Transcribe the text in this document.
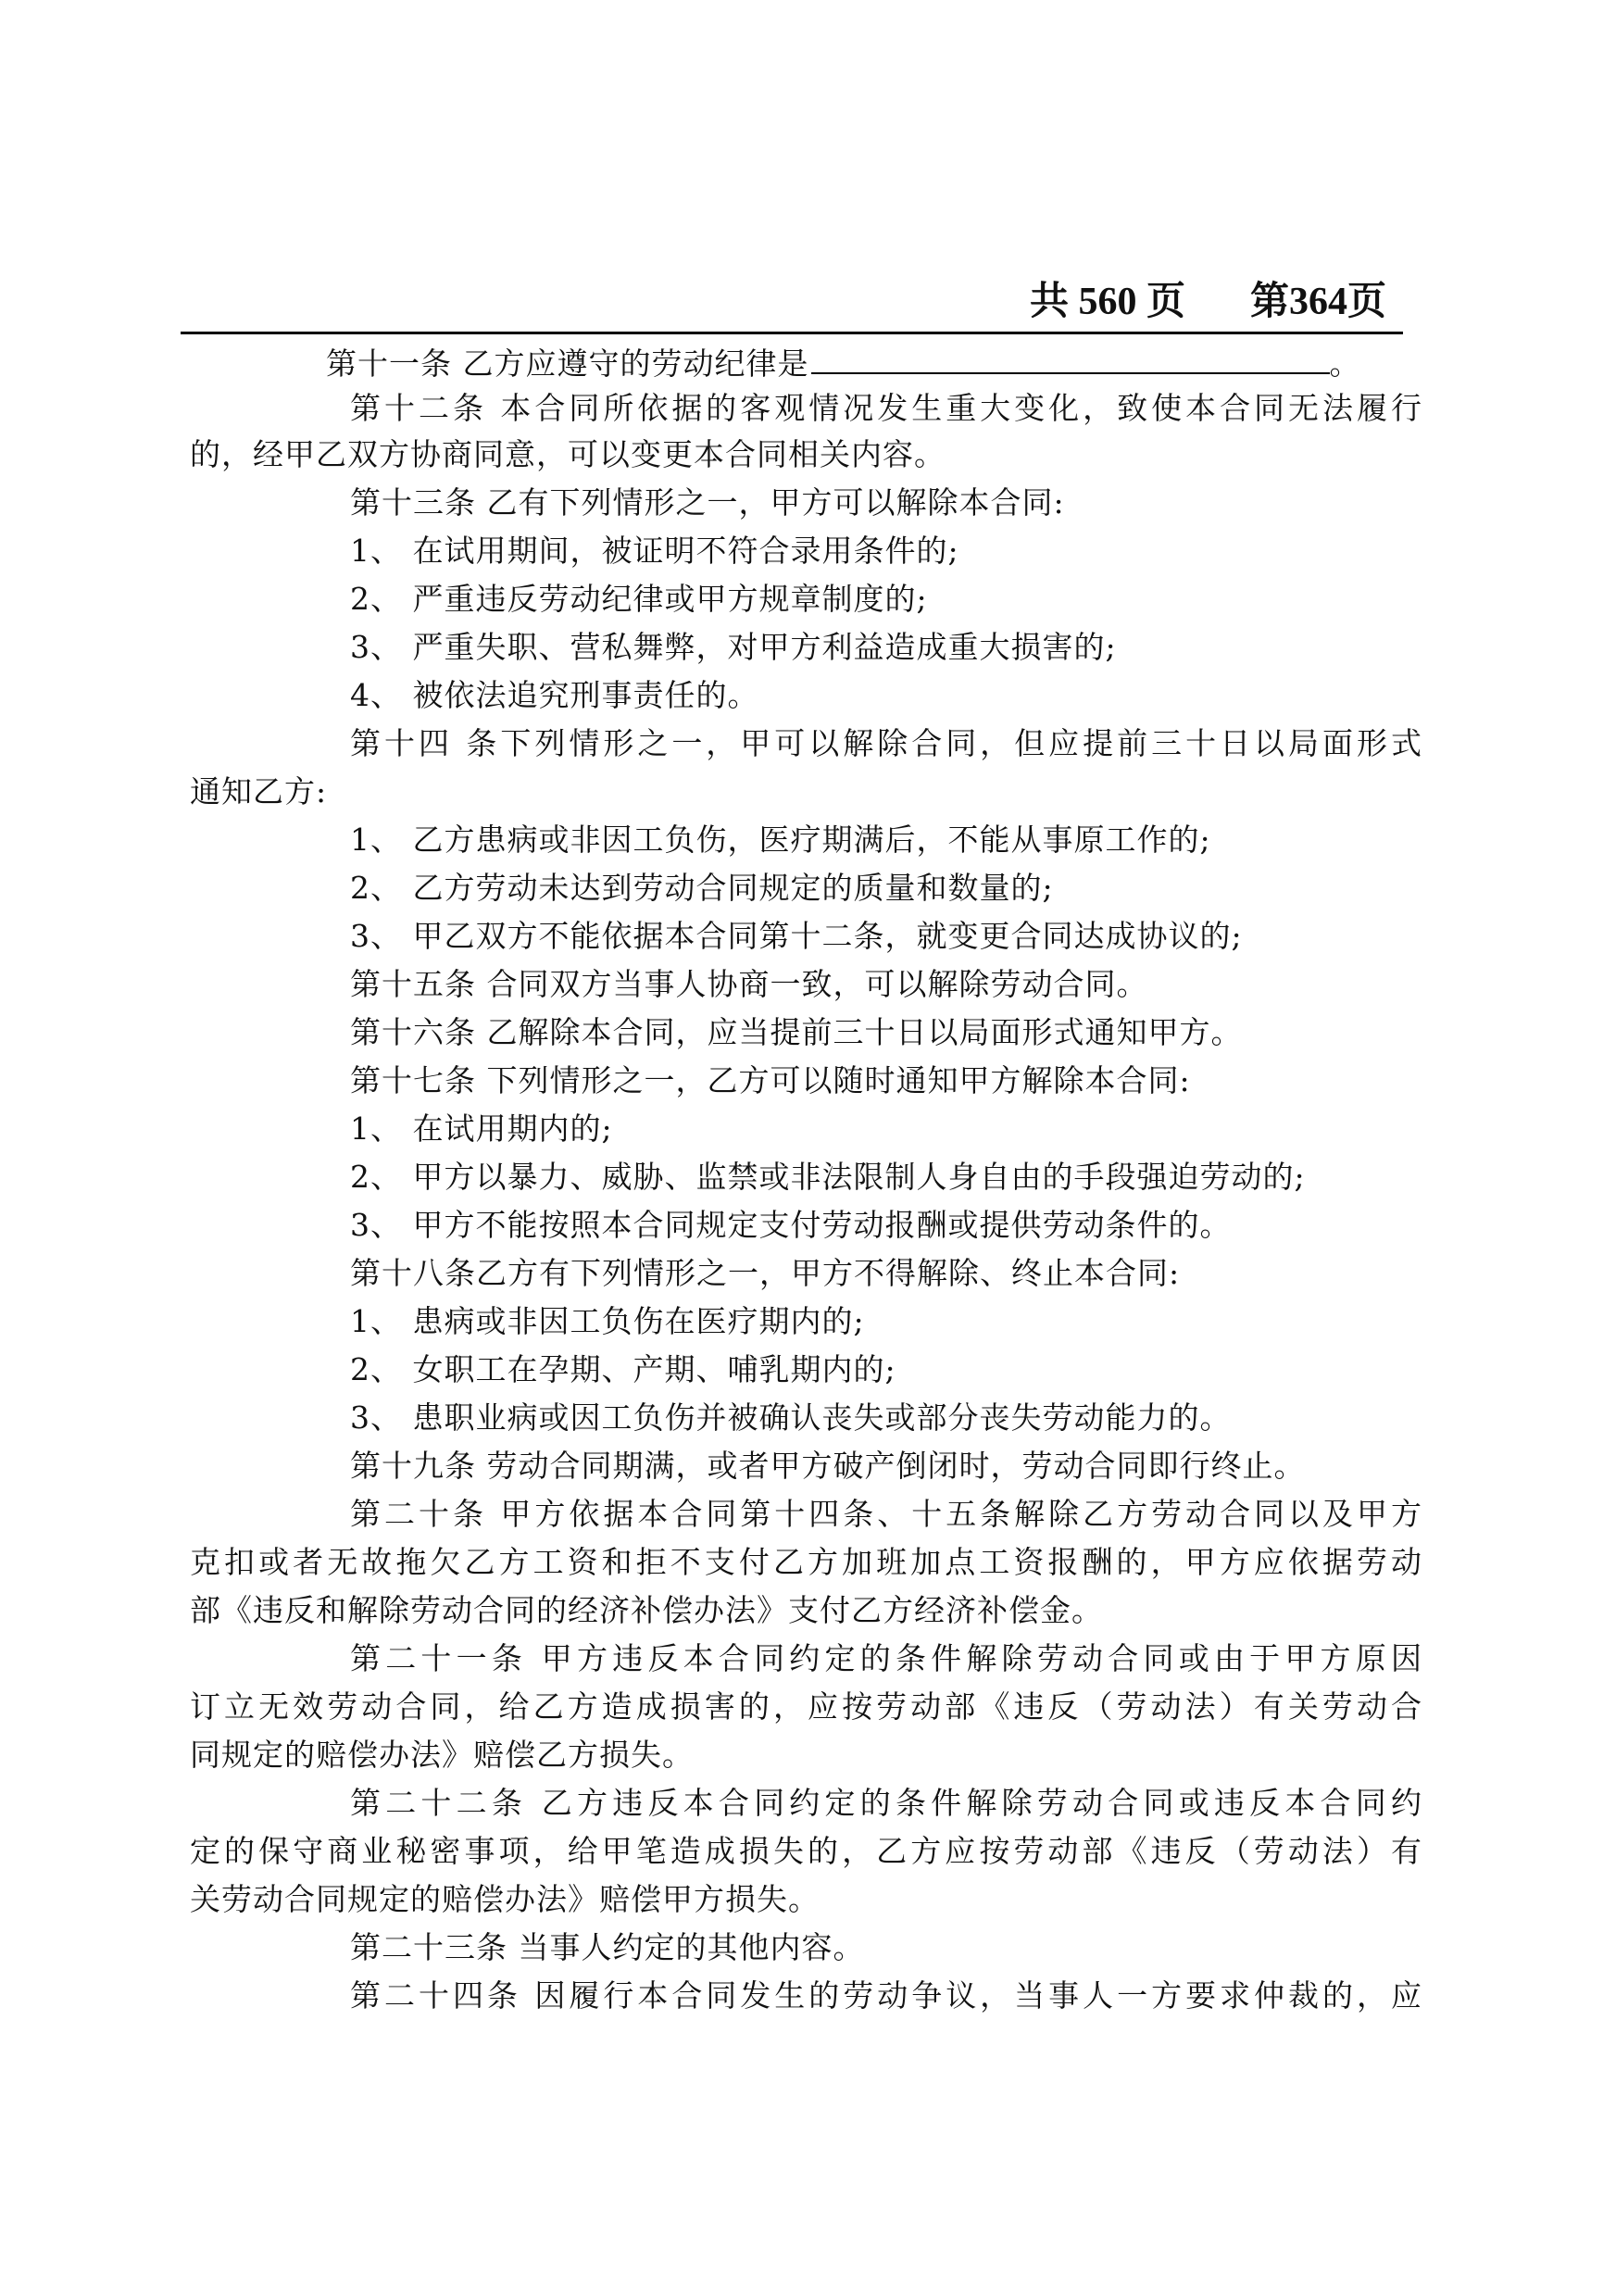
共 560 页 第364页
第十一条 乙方应遵守的劳动纪律是	。
第十二条 本合同所依据的客观情况发生重大变化，致使本合同无法履行
的，经甲乙双方协商同意，可以变更本合同相关内容。
第十三条 乙有下列情形之一，甲方可以解除本合同:
1、 在试用期间，被证明不符合录用条件的;
2、 严重违反劳动纪律或甲方规章制度的;
3、 严重失职、营私舞弊，对甲方利益造成重大损害的;
4、 被依法追究刑事责任的。
第十四 条下列情形之一，甲可以解除合同，但应提前三十日以局面形式
通知乙方:
1、 乙方患病或非因工负伤，医疗期满后，不能从事原工作的;
2、 乙方劳动未达到劳动合同规定的质量和数量的;
3、 甲乙双方不能依据本合同第十二条，就变更合同达成协议的;
第十五条 合同双方当事人协商一致，可以解除劳动合同。
第十六条 乙解除本合同，应当提前三十日以局面形式通知甲方。
第十七条 下列情形之一，乙方可以随时通知甲方解除本合同:
1、 在试用期内的;
2、 甲方以暴力、威胁、监禁或非法限制人身自由的手段强迫劳动的;
3、 甲方不能按照本合同规定支付劳动报酬或提供劳动条件的。
第十八条乙方有下列情形之一，甲方不得解除、终止本合同:
1、 患病或非因工负伤在医疗期内的;
2、 女职工在孕期、产期、哺乳期内的;
3、 患职业病或因工负伤并被确认丧失或部分丧失劳动能力的。
第十九条 劳动合同期满，或者甲方破产倒闭时，劳动合同即行终止。
第二十条 甲方依据本合同第十四条、十五条解除乙方劳动合同以及甲方
克扣或者无故拖欠乙方工资和拒不支付乙方加班加点工资报酬的，甲方应依据劳动
部《违反和解除劳动合同的经济补偿办法》支付乙方经济补偿金。
第二十一条 甲方违反本合同约定的条件解除劳动合同或由于甲方原因
订立无效劳动合同，给乙方造成损害的，应按劳动部《违反（劳动法）有关劳动合
同规定的赔偿办法》赔偿乙方损失。
第二十二条 乙方违反本合同约定的条件解除劳动合同或违反本合同约
定的保守商业秘密事项，给甲笔造成损失的，乙方应按劳动部《违反（劳动法）有
关劳动合同规定的赔偿办法》赔偿甲方损失。
第二十三条 当事人约定的其他内容。
第二十四条 因履行本合同发生的劳动争议，当事人一方要求仲裁的，应
